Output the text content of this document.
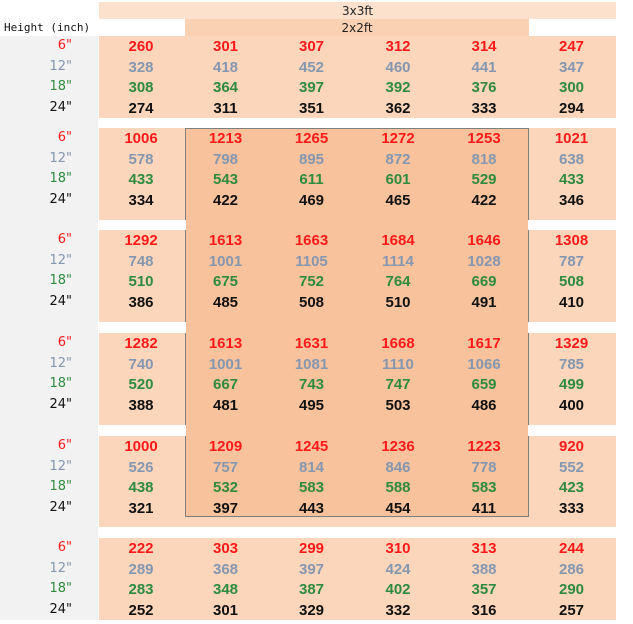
6"	260	301	307	312	314	247
12"	328	418	452	460	441	347
18"	308	364	397	392	376	300
24"	274	311	351	362	333	294
6"	1006	1213	1265	1272	1253	1021
12"	578	798	895	872	818	638
18"	433	543	611	601	529	433
24"	334	422	469	465	422	346
6"	1292	1613	1663	1684	1646	1308
12"	748	1001	1105	1114	1028	787
18"	510	675	752	764	669	508
24"	386	485	508	510	491	410
6"	1282	1613	1631	1668	1617	1329
12"	740	1001	1081	1110	1066	785
18"	520	667	743	747	659	499
24"	388	481	495	503	486	400
6"	1000	1209	1245	1236	1223	920
12"	526	757	814	846	778	552
18"	438	532	583	588	583	423
24"	321	397	443	454	411	333
6"	222	303	299	310	313	244
12"	289	368	397	424	388	286
18"	283	348	387	402	357	290
24"	252	301	329	332	316	257
3x3ft
2x2ft
Height (inch)
